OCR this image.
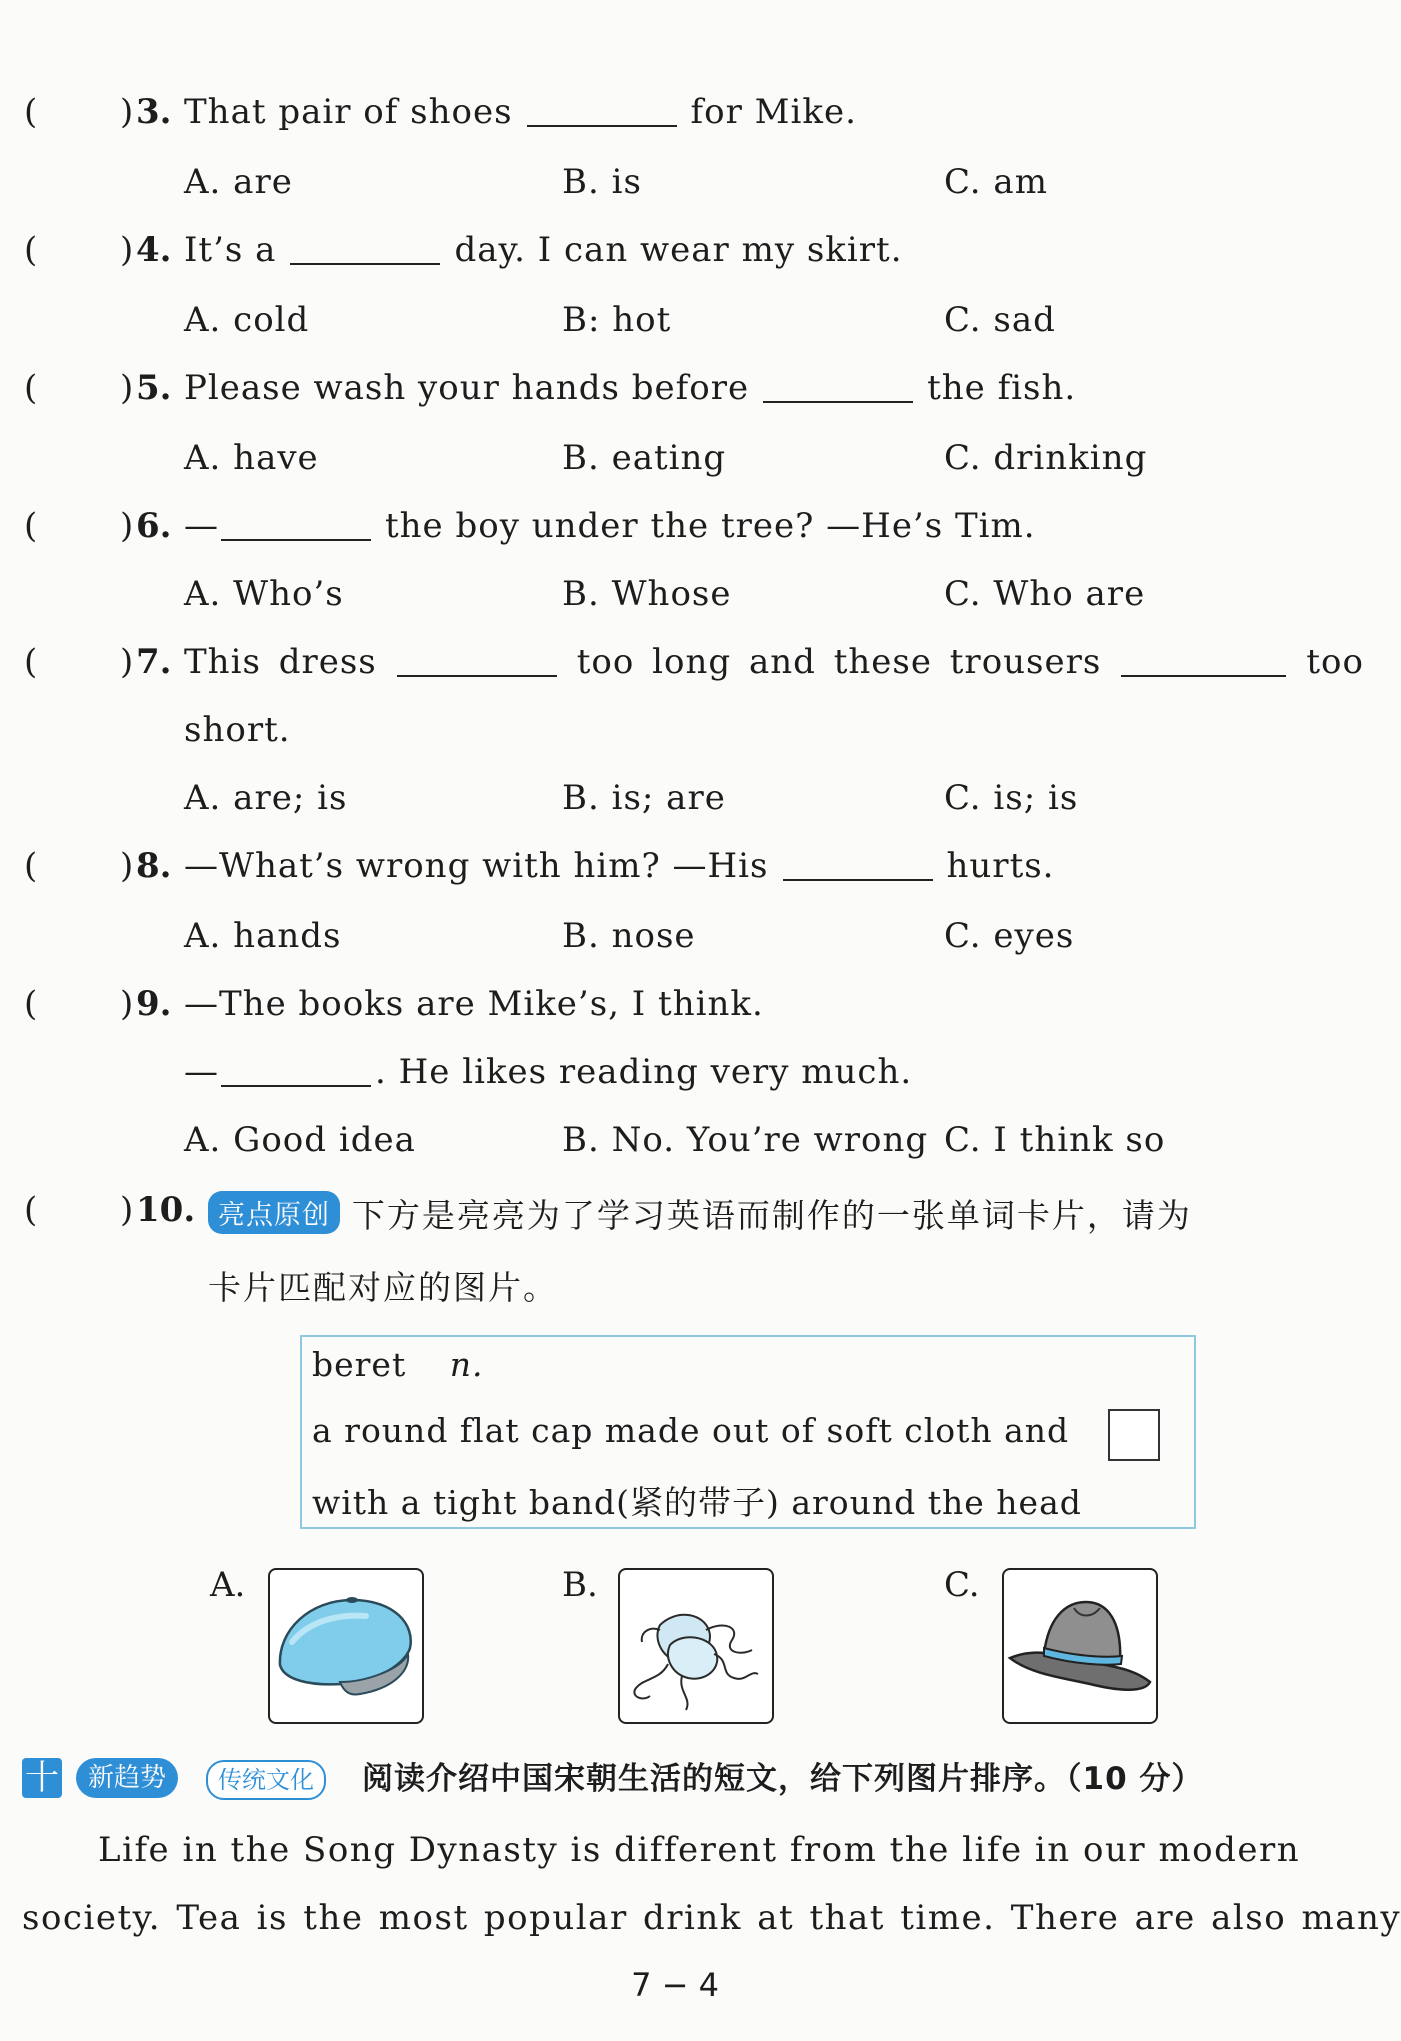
( ) 3. That pair of shoes	for Mike.
A. are	B. is	C. am
( ) 4. It’s a	day. I can wear my skirt.
A. cold	B: hot	C. sad
( ) 5. Please wash your hands before	the fish.
A. have	B. eating	C. drinking
( ) 6. —	the boy under the tree? —He’s Tim.
A. Who’s	B. Whose	C. Who are
( ) 7. This dress	too long and these trousers	too
short.
A. are; is	B. is; are	C. is; is
( ) 8. —What’s wrong with him? —His	hurts.
A. hands	B. nose	C. eyes
( ) 9. —The books are Mike’s, I think.
—	. He likes reading very much.
A. Good idea	B. No. You’re wrong C. I think so
( ) 10. 亮点原创 下方是亮亮为了学习英语而制作的一张单词卡片，请为
卡片匹配对应的图片。
beret n.
a round flat cap made out of soft cloth and
with a tight band(紧的带子) around the head
A.	B.	C.
十	新趋势	传统文化	阅读介绍中国宋朝生活的短文，给下列图片排序。（10 分）
Life in the Song Dynasty is different from the life in our modern
society. Tea is the most popular drink at that time. There are also many
7 − 4
